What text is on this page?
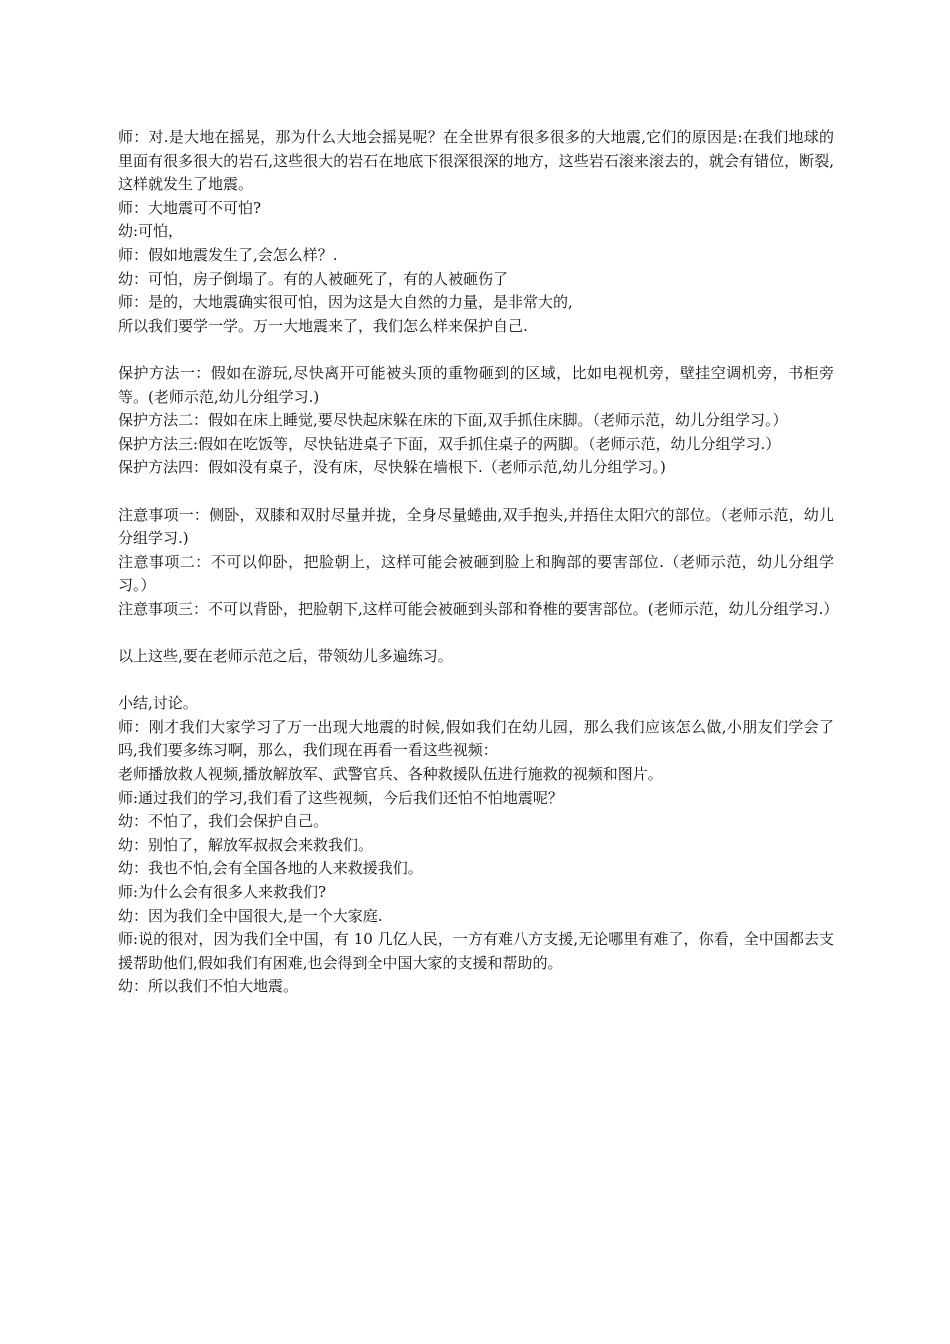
师：对.是大地在摇晃，那为什么大地会摇晃呢？在全世界有很多很多的大地震,它们的原因是:在我们地球的里面有很多很大的岩石,这些很大的岩石在地底下很深很深的地方，这些岩石滚来滚去的，就会有错位，断裂,这样就发生了地震。

师：大地震可不可怕?

幼:可怕，

师：假如地震发生了,会怎么样？.

幼：可怕，房子倒塌了。有的人被砸死了，有的人被砸伤了

师：是的，大地震确实很可怕，因为这是大自然的力量，是非常大的,

所以我们要学一学。万一大地震来了，我们怎么样来保护自己.

保护方法一：假如在游玩,尽快离开可能被头顶的重物砸到的区域，比如电视机旁，壁挂空调机旁，书柜旁等。(老师示范,幼儿分组学习.)

保护方法二：假如在床上睡觉,要尽快起床躲在床的下面,双手抓住床脚。（老师示范，幼儿分组学习。）

保护方法三:假如在吃饭等，尽快钻进桌子下面，双手抓住桌子的两脚。（老师示范，幼儿分组学习.）

保护方法四：假如没有桌子，没有床，尽快躲在墙根下.（老师示范,幼儿分组学习。)

注意事项一：侧卧，双膝和双肘尽量并拢，全身尽量蜷曲,双手抱头,并捂住太阳穴的部位。（老师示范，幼儿分组学习.)

注意事项二：不可以仰卧，把脸朝上，这样可能会被砸到脸上和胸部的要害部位.（老师示范，幼儿分组学习。）

注意事项三：不可以背卧，把脸朝下,这样可能会被砸到头部和脊椎的要害部位。(老师示范，幼儿分组学习.）

以上这些,要在老师示范之后，带领幼儿多遍练习。

小结,讨论。

师：刚才我们大家学习了万一出现大地震的时候,假如我们在幼儿园，那么我们应该怎么做,小朋友们学会了吗,我们要多练习啊，那么，我们现在再看一看这些视频：

老师播放救人视频,播放解放军、武警官兵、各种救援队伍进行施救的视频和图片。

师:通过我们的学习,我们看了这些视频，今后我们还怕不怕地震呢？

幼：不怕了，我们会保护自己。

幼：别怕了，解放军叔叔会来救我们。

幼：我也不怕,会有全国各地的人来救援我们。

师:为什么会有很多人来救我们?

幼：因为我们全中国很大,是一个大家庭.

师:说的很对，因为我们全中国，有 10 几亿人民，一方有难八方支援,无论哪里有难了，你看，全中国都去支援帮助他们,假如我们有困难,也会得到全中国大家的支援和帮助的。

幼：所以我们不怕大地震。
